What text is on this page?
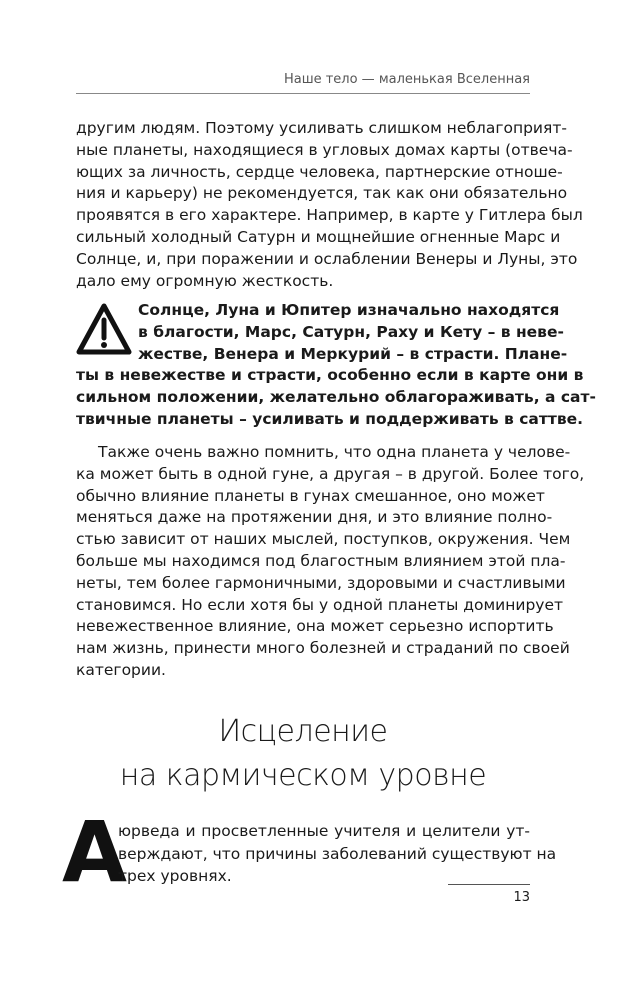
Наше тело — маленькая Вселенная

другим людям. Поэтому усиливать слишком неблагоприят-
ные планеты, находящиеся в угловых домах карты (отвеча-
ющих за личность, сердце человека, партнерские отноше-
ния и карьеру) не рекомендуется, так как они обязательно
проявятся в его характере. Например, в карте у Гитлера был
сильный холодный Сатурн и мощнейшие огненные Марс и
Солнце, и, при поражении и ослаблении Венеры и Луны, это
дало ему огромную жесткость.

Солнце, Луна и Юпитер изначально находятся
в благости, Марс, Сатурн, Раху и Кету – в неве-
жестве, Венера и Меркурий – в страсти. Плане-
ты в невежестве и страсти, особенно если в карте они в
сильном положении, желательно облагораживать, а сат-
твичные планеты – усиливать и поддерживать в саттве.

Также очень важно помнить, что одна планета у челове-
ка может быть в одной гуне, а другая – в другой. Более того,
обычно влияние планеты в гунах смешанное, оно может
меняться даже на протяжении дня, и это влияние полно-
стью зависит от наших мыслей, поступков, окружения. Чем
больше мы находимся под благостным влиянием этой пла-
неты, тем более гармоничными, здоровыми и счастливыми
становимся. Но если хотя бы у одной планеты доминирует
невежественное влияние, она может серьезно испортить
нам жизнь, принести много болезней и страданий по своей
категории.

Исцеление
на кармическом уровне
А

юрведа и просветленные учителя и целители ут-
верждают, что причины заболеваний существуют на
трех уровнях.

13
